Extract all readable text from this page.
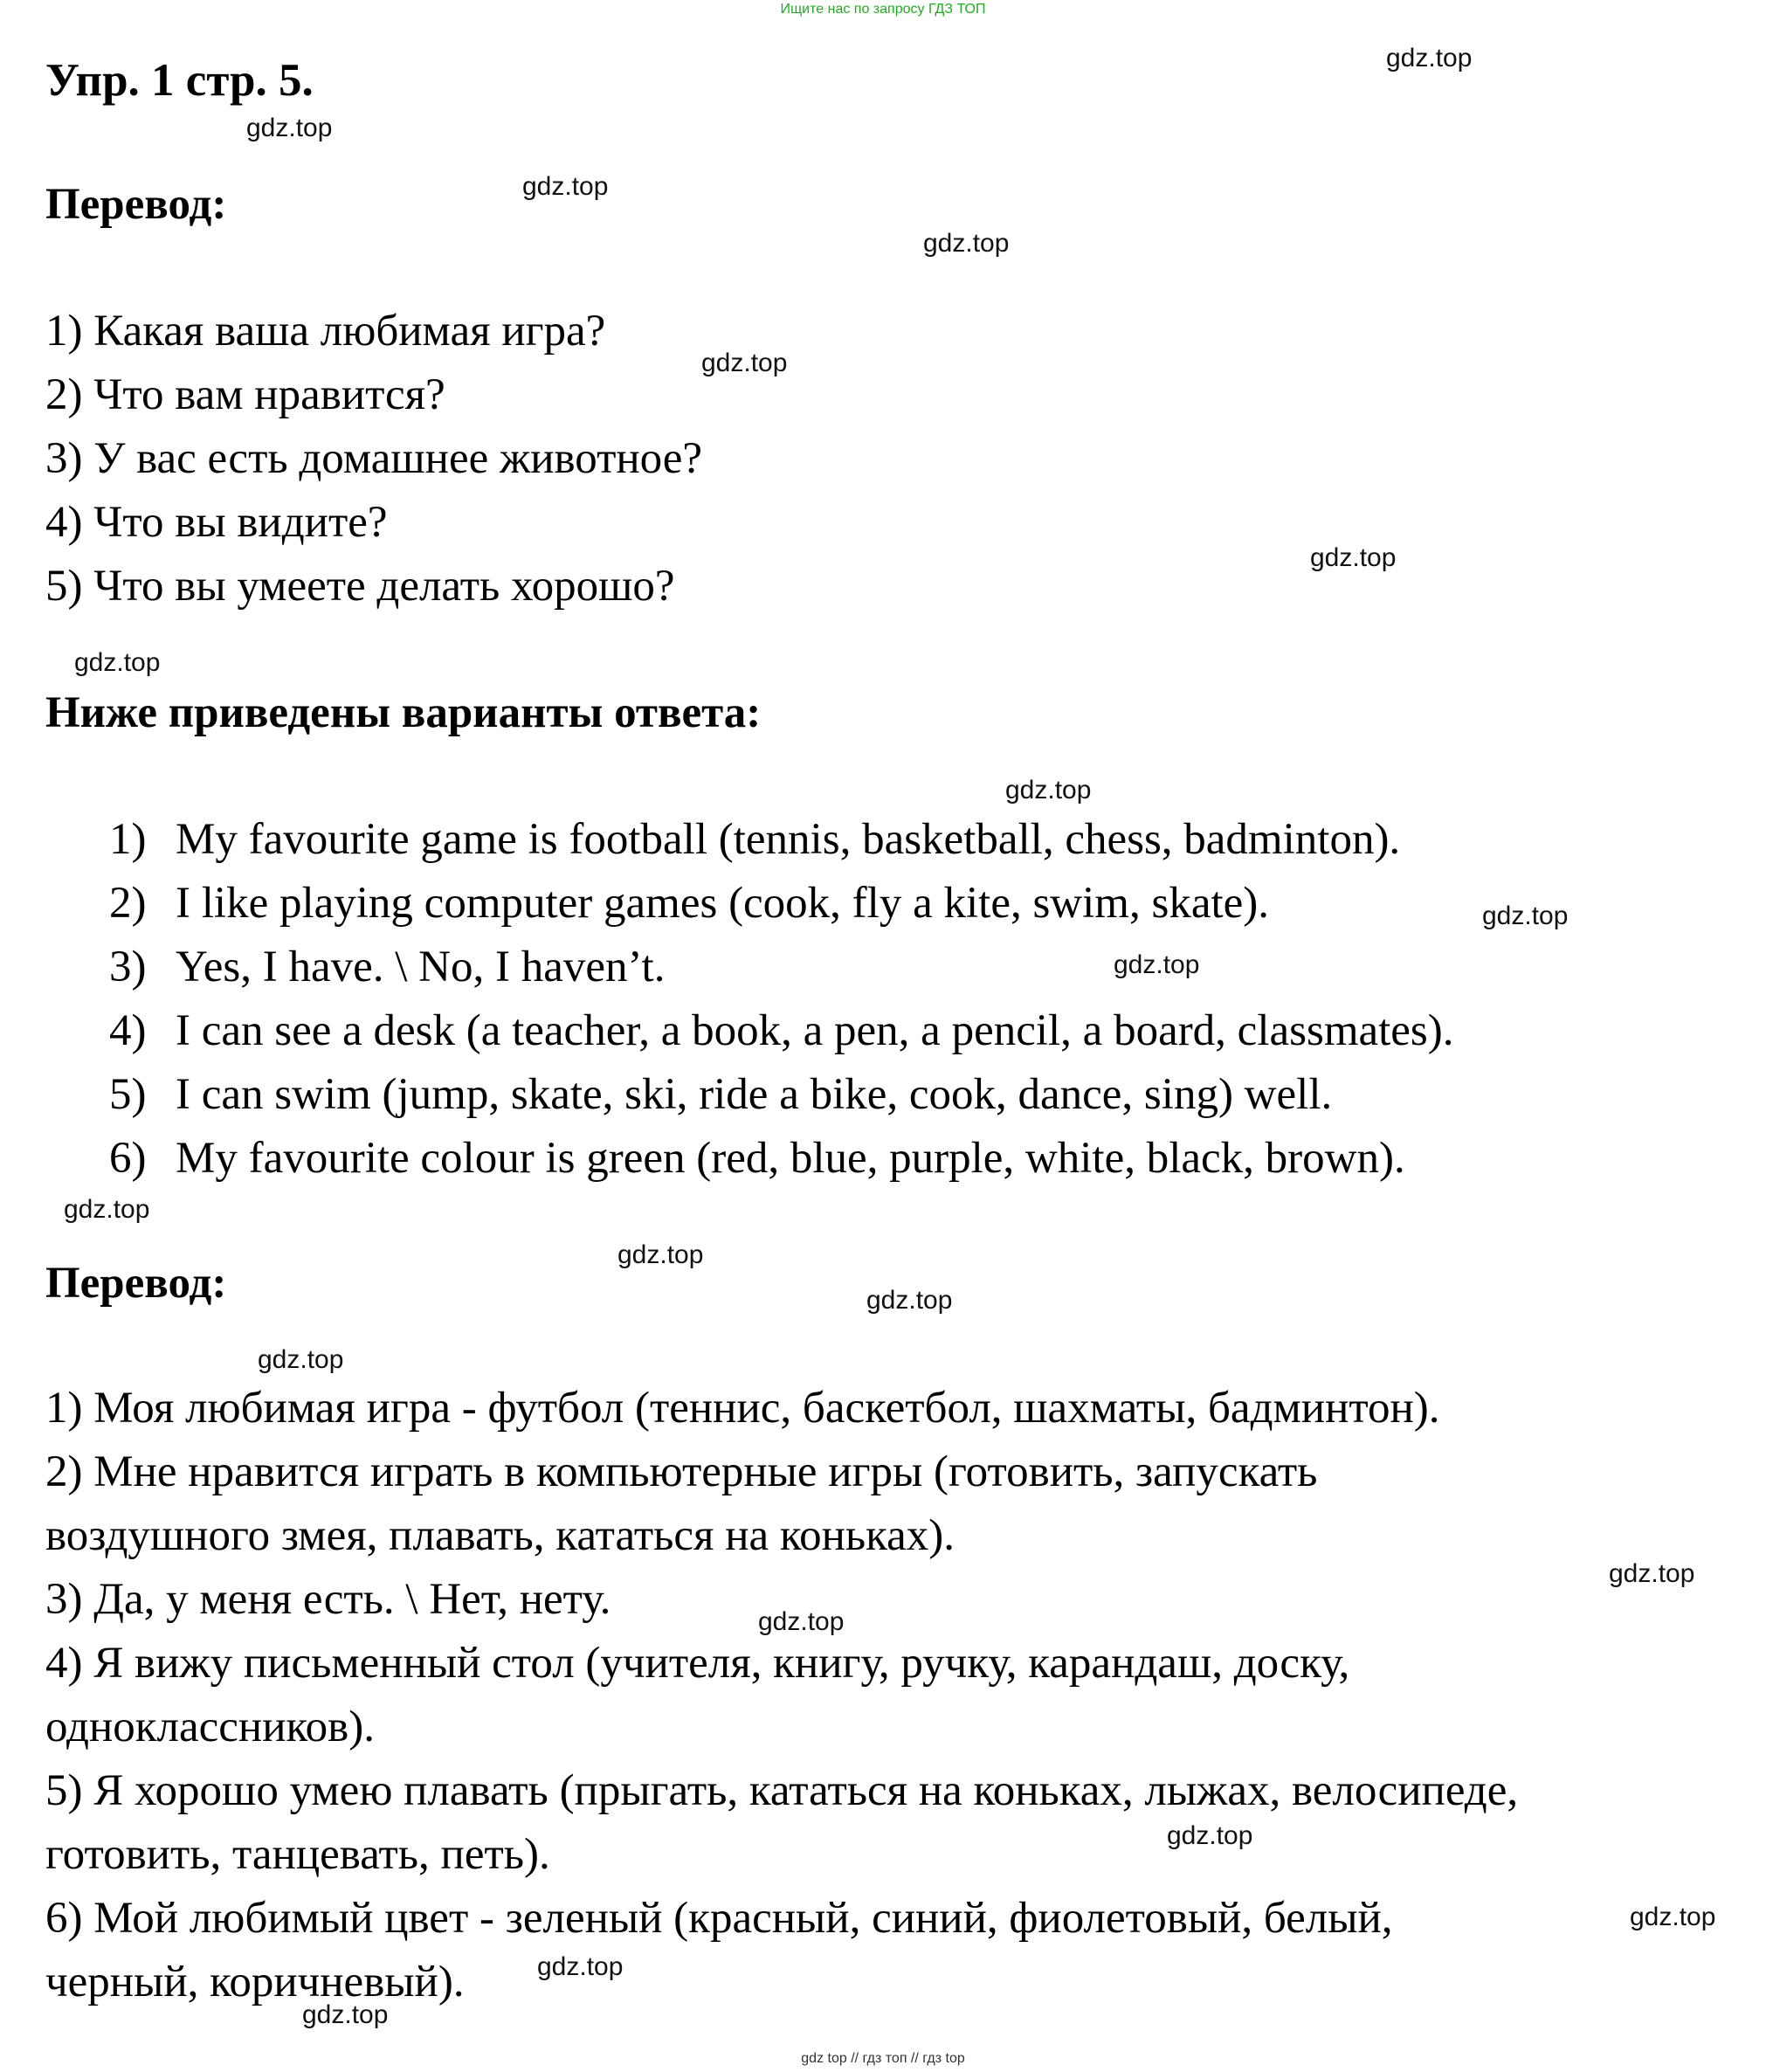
Ищите нас по запросу ГДЗ ТОП
Упр. 1 стр. 5.
Перевод:
1) Какая ваша любимая игра?
2) Что вам нравится?
3) У вас есть домашнее животное?
4) Что вы видите?
5) Что вы умеете делать хорошо?
Ниже приведены варианты ответа:
1) My favourite game is football (tennis, basketball, chess, badminton).
2) I like playing computer games (cook, fly a kite, swim, skate).
3) Yes, I have. \ No, I haven’t.
4) I can see a desk (a teacher, a book, a pen, a pencil, a board, classmates).
5) I can swim (jump, skate, ski, ride a bike, cook, dance, sing) well.
6) My favourite colour is green (red, blue, purple, white, black, brown).
Перевод:
1) Моя любимая игра - футбол (теннис, баскетбол, шахматы, бадминтон).
2) Мне нравится играть в компьютерные игры (готовить, запускать
воздушного змея, плавать, кататься на коньках).
3) Да, у меня есть. \ Нет, нету.
4) Я вижу письменный стол (учителя, книгу, ручку, карандаш, доску,
одноклассников).
5) Я хорошо умею плавать (прыгать, кататься на коньках, лыжах, велосипеде,
готовить, танцевать, петь).
6) Мой любимый цвет - зеленый (красный, синий, фиолетовый, белый,
черный, коричневый).
gdz.top
gdz.top
gdz.top
gdz.top
gdz.top
gdz.top
gdz.top
gdz.top
gdz.top
gdz.top
gdz.top
gdz.top
gdz.top
gdz.top
gdz.top
gdz.top
gdz.top
gdz.top
gdz.top
gdz.top
gdz top // гдз топ // гдз top
